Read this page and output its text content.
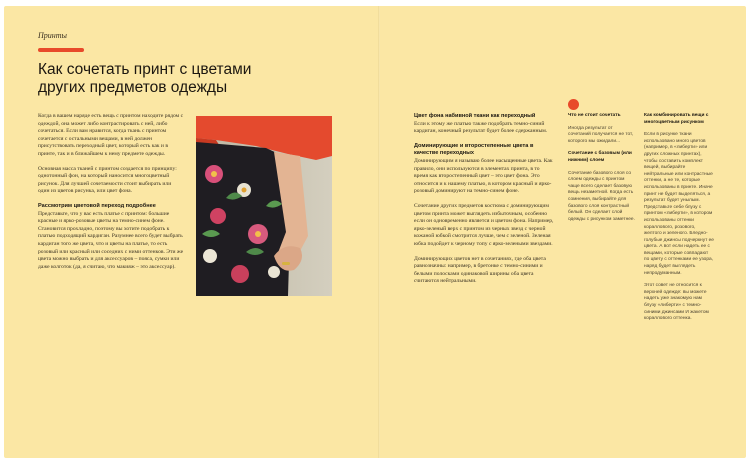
Принты
Как сочетать принт с цветами
других предметов одежды

Когда в вашем наряде есть вещь с принтом находите рядом с одеждой, она может либо контрастировать с ней, либо сочетаться. Если вам нравится, когда ткань с принтом сочетается с остальными вещами, в ней должен присутствовать переходный цвет, который есть как и в принте, так и в ближайшем к нему предмете одежды.

Основная масса тканей с принтом создается по принципу: однотонный фон, на который наносится многоцветный рисунок. Для лучшей сочетаемости стоит выбирать или один из цветов рисунка, или цвет фона.

Рассмотрим цветовой переход подробнее

Представьте, что у вас есть платье с принтом: большие красные и ярко-розовые цветы на темно-синем фоне. Становится прохладно, поэтому вы хотите подобрать к платью подходящий кардиган. Разумнее всего будет выбрать кардиган того же цвета, что и цветы на платье, то есть розовый или красный или соседних с ними оттенков. Эти же цвета можно выбрать и для аксессуаров – пояса, сумки или даже колготок (да, я считаю, что макияж – это аксессуар).

Цвет фона набивной ткани как переходный

Если к этому же платью также подобрать темно-синий кардиган, конечный результат будет более сдержанным.

Доминирующие и второстепенные цвета в качестве переходных

Доминирующим я называю более насыщенные цвета. Как правило, они используются в элементах принта, в то время как второстепенный цвет – это цвет фона. Это относится и к нашему платью, в котором красный и ярко-розовый доминируют на темно-синем фоне.

Сочетание других предметов костюма с доминирующим цветом принта может выглядеть избыточным, особенно если он одновременно является и цветом фона. Например, ярко-зеленый верх с принтом из черных звезд с черной кожаной юбкой смотрится лучше, чем с зеленой. Зеленая юбка подойдет к черному топу с ярко-зелеными звездами.

Доминирующих цветов нет в сочетаниях, где оба цвета равнозначны: например, в бретонке с темно-синими и белыми полосками одинаковой ширины оба цвета считаются нейтральными.

Что не стоит сочетать

Иногда результат от сочетаний получается не тот, которого мы ожидали...

Сочетание с базовым (или нижним) слоем

Сочетание базового слоя со слоем одежды с принтом чаще всего сделает базовую вещь незаметной. Когда есть сомнения, выбирайте для базового слоя контрастный белый. Он сделает слой одежды с рисунком заметнее.

Как комбинировать вещи с многоцветным рисунком

Если в рисунке ткани использовано много цветов (например, в «либерти» или других сложных принтах), чтобы составить комплект вещей, выбирайте нейтральные или контрастные оттенки, а не те, которые использованы в принте. Иначе принт не будет выделяться, а результат будет унылым. Представьте себе блузу с принтом «либерти», в котором использованы оттенки кораллового, розового, желтого и зеленого. Бледно-голубые джинсы подчеркнут ее цвета. А вот если надеть ее с вещами, которые совпадают по цвету с оттенками ее узора, наряд будет выглядеть непродуманным.

Этот совет не относится к верхней одежде: вы можете надеть уже знакомую нам блузу «либерти» с темно-синими джинсами И жакетом кораллового оттенка.
